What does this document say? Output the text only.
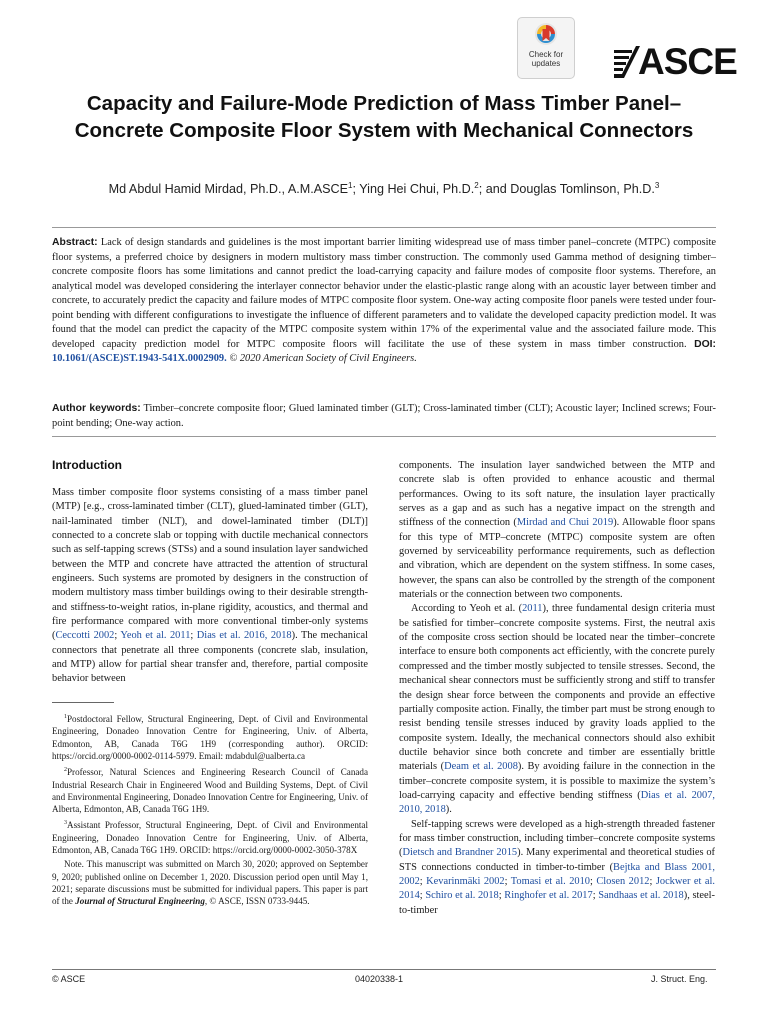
Check for
updates ASCE
Capacity and Failure-Mode Prediction of Mass Timber Panel–Concrete Composite Floor System with Mechanical Connectors
Md Abdul Hamid Mirdad, Ph.D., A.M.ASCE$^1$; Ying Hei Chui, Ph.D.$^2$; and Douglas Tomlinson, Ph.D.$^3$
Abstract: Lack of design standards and guidelines is the most important barrier limiting widespread use of mass timber panel–concrete (MTPC) composite floor systems, a preferred choice by designers in modern multistory mass timber construction. The commonly used Gamma method of designing timber–concrete composite floors has some limitations and cannot predict the load-carrying capacity and failure modes of composite floor systems. Therefore, an analytical model was developed considering the interlayer connector behavior under the elastic-plastic range along with an acoustic layer between timber and concrete, to accurately predict the capacity and failure modes of MTPC composite floor system. One-way acting composite floor panels were tested under four-point bending with different configurations to investigate the influence of different parameters and to validate the developed capacity prediction model. It was found that the model can predict the capacity of the MTPC composite system within 17% of the experimental value and the associated failure mode. This developed capacity prediction model for MTPC composite floors will facilitate the use of these system in mass timber construction. DOI: 10.1061/(ASCE)ST.1943-541X.0002909. © 2020 American Society of Civil Engineers.
Author keywords: Timber–concrete composite floor; Glued laminated timber (GLT); Cross-laminated timber (CLT); Acoustic layer; Inclined screws; Four-point bending; One-way action.
Introduction

Mass timber composite floor systems consisting of a mass timber panel (MTP) [e.g., cross-laminated timber (CLT), glued-laminated timber (GLT), nail-laminated timber (NLT), and dowel-laminated timber (DLT)] connected to a concrete slab or topping with ductile mechanical connectors such as self-tapping screws (STSs) and a sound insulation layer sandwiched between the MTP and concrete have attracted the attention of structural engineers. Such systems are promoted by designers in the construction of modern multistory mass timber buildings owing to their desirable strength- and stiffness-to-weight ratios, in-plane rigidity, acoustics, and thermal and fire performance compared with more conventional timber-only systems (Ceccotti 2002; Yeoh et al. 2011; Dias et al. 2016, 2018). The mechanical connectors that penetrate all three components (concrete slab, insulation, and MTP) allow for partial shear transfer and, therefore, partial composite behavior between

$^1$Postdoctoral Fellow, Structural Engineering, Dept. of Civil and Environmental Engineering, Donadeo Innovation Centre for Engineering, Univ. of Alberta, Edmonton, AB, Canada T6G 1H9 (corresponding author). ORCID: https://orcid.org/0000-0002-0114-5979. Email: mdabdul@ualberta.ca

$^2$Professor, Natural Sciences and Engineering Research Council of Canada Industrial Research Chair in Engineered Wood and Building Systems, Dept. of Civil and Environmental Engineering, Donadeo Innovation Centre for Engineering, Univ. of Alberta, Edmonton, AB, Canada T6G 1H9.

$^3$Assistant Professor, Structural Engineering, Dept. of Civil and Environmental Engineering, Donadeo Innovation Centre for Engineering, Univ. of Alberta, Edmonton, AB, Canada T6G 1H9. ORCID: https://orcid.org/0000-0002-3050-378X

Note. This manuscript was submitted on March 30, 2020; approved on September 9, 2020; published online on December 1, 2020. Discussion period open until May 1, 2021; separate discussions must be submitted for individual papers. This paper is part of the Journal of Structural Engineering, © ASCE, ISSN 0733-9445.

components. The insulation layer sandwiched between the MTP and concrete slab is often provided to enhance acoustic and thermal performances. Owing to its soft nature, the insulation layer practically serves as a gap and as such has a negative impact on the strength and stiffness of the connection (Mirdad and Chui 2019). Allowable floor spans for this type of MTP–concrete (MTPC) composite system are often governed by serviceability performance requirements, such as deflection and vibration, which are dependent on the system stiffness. In some cases, however, the spans can also be controlled by the strength of the component materials or the connection between two components.

According to Yeoh et al. (2011), three fundamental design criteria must be satisfied for timber–concrete composite systems. First, the neutral axis of the composite cross section should be located near the timber–concrete interface to ensure both components act efficiently, with the concrete purely compressed and the timber mostly subjected to tensile stresses. Second, the mechanical shear connectors must be sufficiently strong and stiff to transfer the design shear force between the components and provide an effective partially composite action. Finally, the timber part must be strong enough to resist bending tensile stresses induced by gravity loads applied to the composite system. Ideally, the mechanical connectors should also exhibit ductile behavior since both concrete and timber are essentially brittle materials (Deam et al. 2008). By avoiding failure in the connection in the timber–concrete composite system, it is possible to maximize the system’s load-carrying capacity and effective bending stiffness (Dias et al. 2007, 2010, 2018).

Self-tapping screws were developed as a high-strength threaded fastener for mass timber construction, including timber–concrete composite systems (Dietsch and Brandner 2015). Many experimental and theoretical studies of STS connections conducted in timber-to-timber (Bejtka and Blass 2001, 2002; Kevarinmäki 2002; Tomasi et al. 2010; Closen 2012; Jockwer et al. 2014; Schiro et al. 2018; Ringhofer et al. 2017; Sandhaas et al. 2018), steel-to-timber

© ASCE	04020338-1	J. Struct. Eng.
